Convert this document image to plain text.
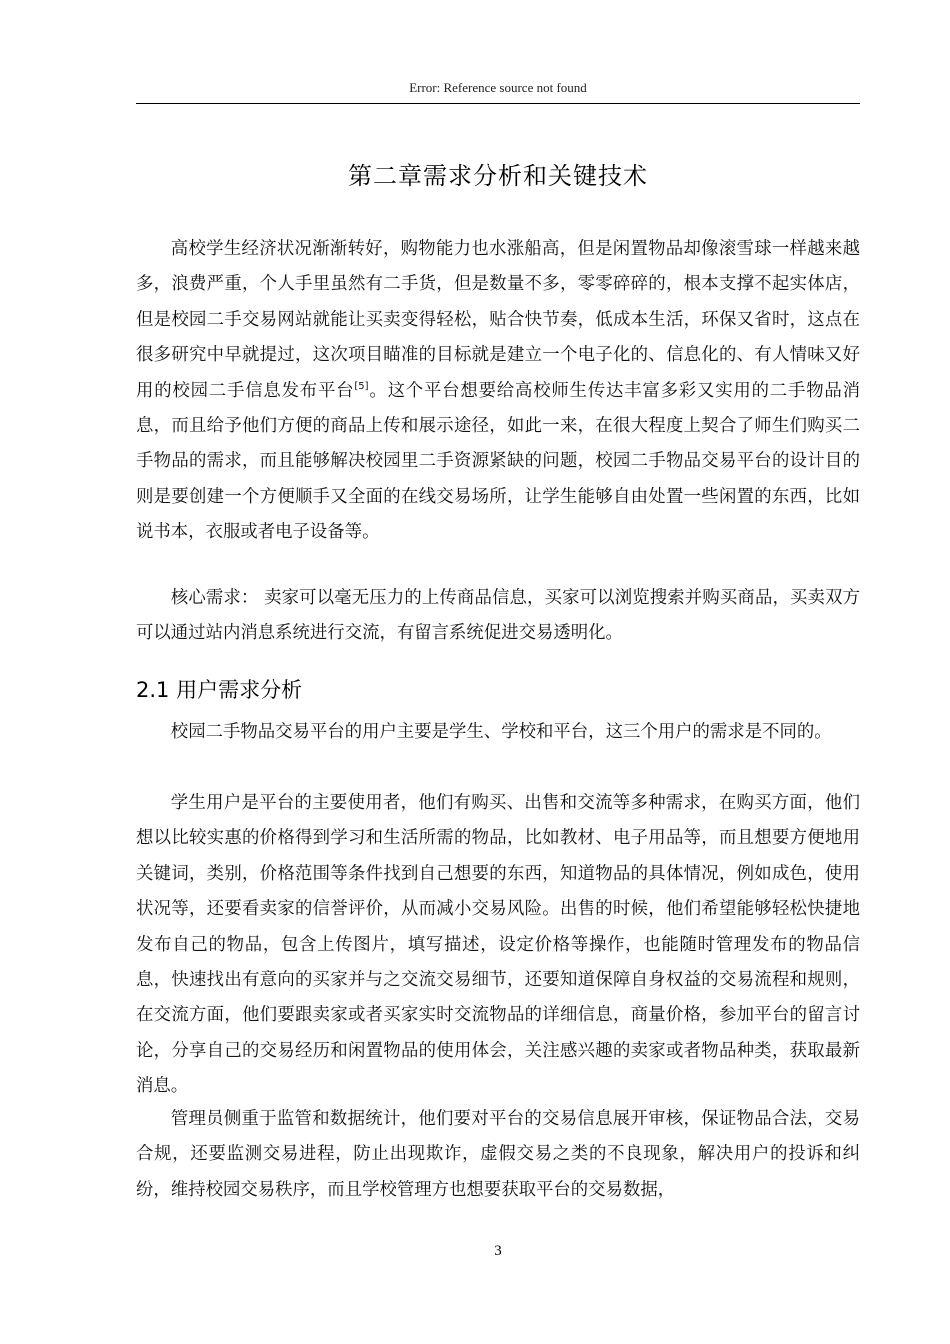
Error: Reference source not found
第二章需求分析和关键技术

高校学生经济状况渐渐转好，购物能力也水涨船高，但是闲置物品却像滚雪球一样越来越多，浪费严重，个人手里虽然有二手货，但是数量不多，零零碎碎的，根本支撑不起实体店，但是校园二手交易网站就能让买卖变得轻松，贴合快节奏，低成本生活，环保又省时，这点在很多研究中早就提过，这次项目瞄准的目标就是建立一个电子化的、信息化的、有人情味又好用的校园二手信息发布平台[5]。这个平台想要给高校师生传达丰富多彩又实用的二手物品消息，而且给予他们方便的商品上传和展示途径，如此一来，在很大程度上契合了师生们购买二手物品的需求，而且能够解决校园里二手资源紧缺的问题，校园二手物品交易平台的设计目的则是要创建一个方便顺手又全面的在线交易场所，让学生能够自由处置一些闲置的东西，比如说书本，衣服或者电子设备等。

核心需求： 卖家可以毫无压力的上传商品信息，买家可以浏览搜索并购买商品，买卖双方可以通过站内消息系统进行交流，有留言系统促进交易透明化。

2.1 用户需求分析

校园二手物品交易平台的用户主要是学生、学校和平台，这三个用户的需求是不同的。

学生用户是平台的主要使用者，他们有购买、出售和交流等多种需求，在购买方面，他们想以比较实惠的价格得到学习和生活所需的物品，比如教材、电子用品等，而且想要方便地用关键词，类别，价格范围等条件找到自己想要的东西，知道物品的具体情况，例如成色，使用状况等，还要看卖家的信誉评价，从而减小交易风险。出售的时候，他们希望能够轻松快捷地发布自己的物品，包含上传图片，填写描述，设定价格等操作，也能随时管理发布的物品信息，快速找出有意向的买家并与之交流交易细节，还要知道保障自身权益的交易流程和规则，在交流方面，他们要跟卖家或者买家实时交流物品的详细信息，商量价格，参加平台的留言讨论，分享自己的交易经历和闲置物品的使用体会，关注感兴趣的卖家或者物品种类，获取最新消息。

管理员侧重于监管和数据统计，他们要对平台的交易信息展开审核，保证物品合法，交易合规，还要监测交易进程，防止出现欺诈，虚假交易之类的不良现象，解决用户的投诉和纠纷，维持校园交易秩序，而且学校管理方也想要获取平台的交易数据，

3
